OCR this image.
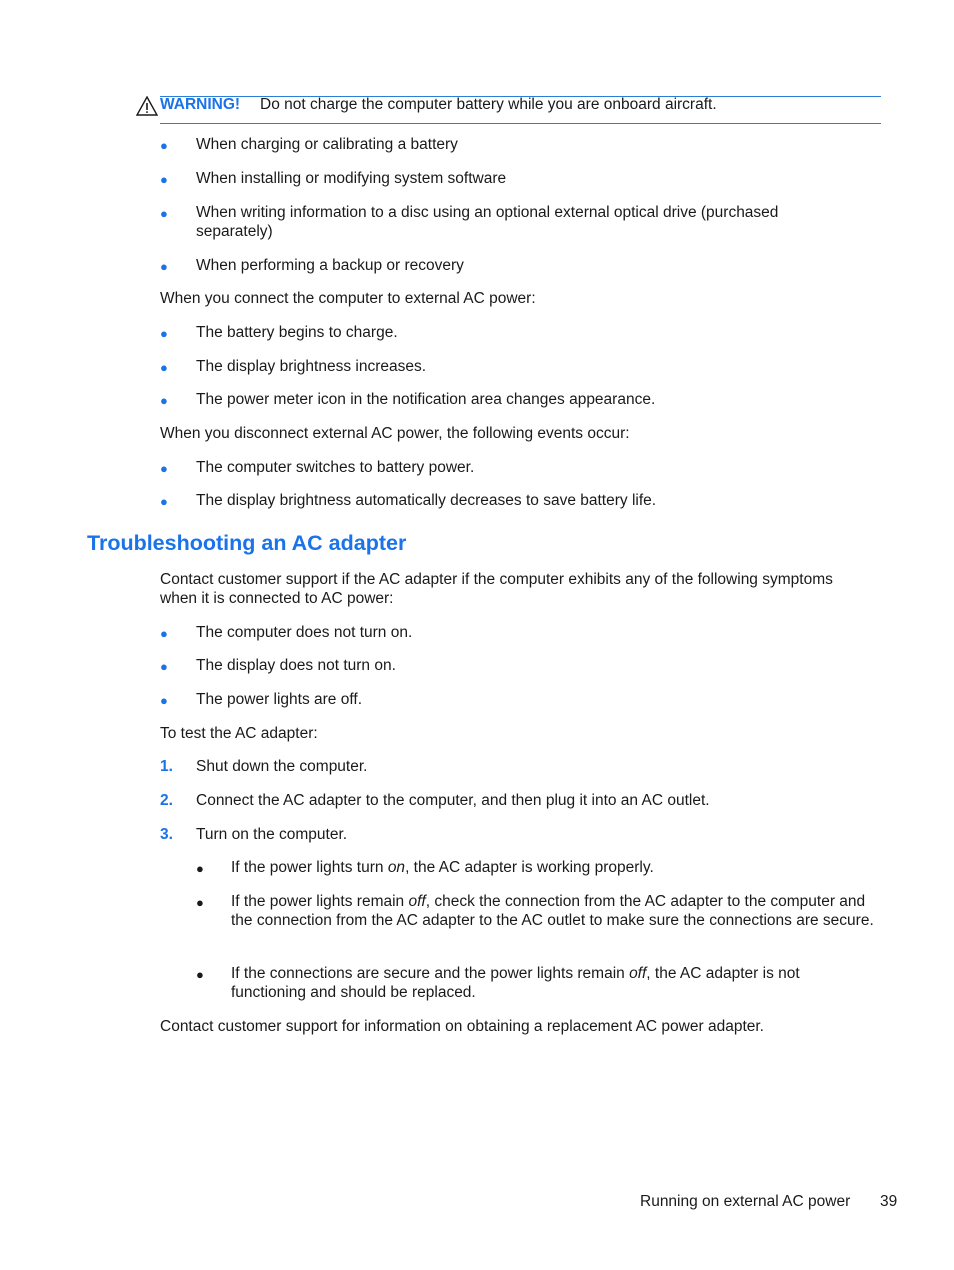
WARNING! Do not charge the computer battery while you are onboard aircraft.
● When charging or calibrating a battery
● When installing or modifying system software
● When writing information to a disc using an optional external optical drive (purchased separately)
● When performing a backup or recovery
When you connect the computer to external AC power:
● The battery begins to charge.
● The display brightness increases.
● The power meter icon in the notification area changes appearance.
When you disconnect external AC power, the following events occur:
● The computer switches to battery power.
● The display brightness automatically decreases to save battery life.
Troubleshooting an AC adapter
Contact customer support if the AC adapter if the computer exhibits any of the following symptoms when it is connected to AC power:
● The computer does not turn on.
● The display does not turn on.
● The power lights are off.
To test the AC adapter:
1. Shut down the computer.
2. Connect the AC adapter to the computer, and then plug it into an AC outlet.
3. Turn on the computer.
● If the power lights turn on, the AC adapter is working properly.
● If the power lights remain off, check the connection from the AC adapter to the computer and the connection from the AC adapter to the AC outlet to make sure the connections are secure.
● If the connections are secure and the power lights remain off, the AC adapter is not functioning and should be replaced.
Contact customer support for information on obtaining a replacement AC power adapter.
Running on external AC power 39
